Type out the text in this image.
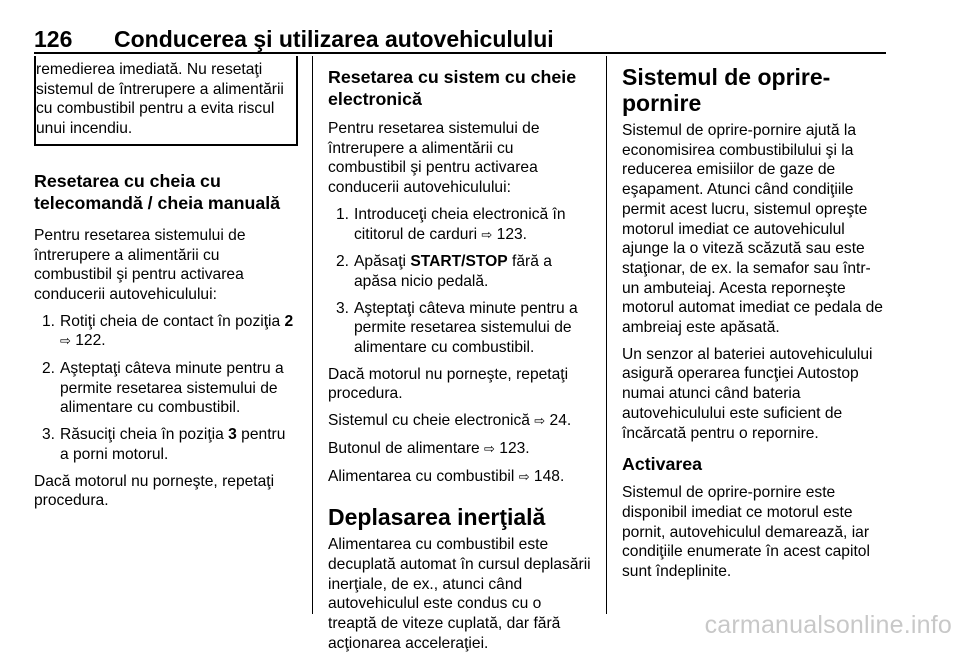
126 Conducerea şi utilizarea autovehiculului

remedierea imediată. Nu resetaţi sistemul de întrerupere a alimentării cu combustibil pentru a evita riscul unui incendiu.

Resetarea cu cheia cu telecomandă / cheia manuală

Pentru resetarea sistemului de întrerupere a alimentării cu combustibil şi pentru activarea conducerii autovehiculului:

1. Rotiţi cheia de contact în poziţia 2
⇨ 122.
2. Aşteptaţi câteva minute pentru a permite resetarea sistemului de alimentare cu combustibil.
3. Răsuciţi cheia în poziţia 3 pentru a porni motorul.

Dacă motorul nu porneşte, repetaţi procedura.

Resetarea cu sistem cu cheie electronică

Pentru resetarea sistemului de întrerupere a alimentării cu combustibil şi pentru activarea conducerii autovehiculului:

1. Introduceţi cheia electronică în cititorul de carduri ⇨ 123.
2. Apăsaţi START/STOP fără a apăsa nicio pedală.
3. Aşteptaţi câteva minute pentru a permite resetarea sistemului de alimentare cu combustibil.

Dacă motorul nu porneşte, repetaţi procedura.

Sistemul cu cheie electronică ⇨ 24.

Butonul de alimentare ⇨ 123.

Alimentarea cu combustibil ⇨ 148.

Deplasarea inerţială

Alimentarea cu combustibil este decuplată automat în cursul deplasării inerţiale, de ex., atunci când autovehiculul este condus cu o treaptă de viteze cuplată, dar fără acţionarea acceleraţiei.

Sistemul de oprire-pornire

Sistemul de oprire-pornire ajută la economisirea combustibilului şi la reducerea emisiilor de gaze de eşapament. Atunci când condiţiile permit acest lucru, sistemul opreşte motorul imediat ce autovehiculul ajunge la o viteză scăzută sau este staţionar, de ex. la semafor sau într-un ambuteiaj. Acesta reporneşte motorul automat imediat ce pedala de ambreiaj este apăsată.

Un senzor al bateriei autovehiculului asigură operarea funcţiei Autostop numai atunci când bateria autovehiculului este suficient de încărcată pentru o repornire.

Activarea

Sistemul de oprire-pornire este disponibil imediat ce motorul este pornit, autovehiculul demarează, iar condiţiile enumerate în acest capitol sunt îndeplinite.

carmanualsonline.info
